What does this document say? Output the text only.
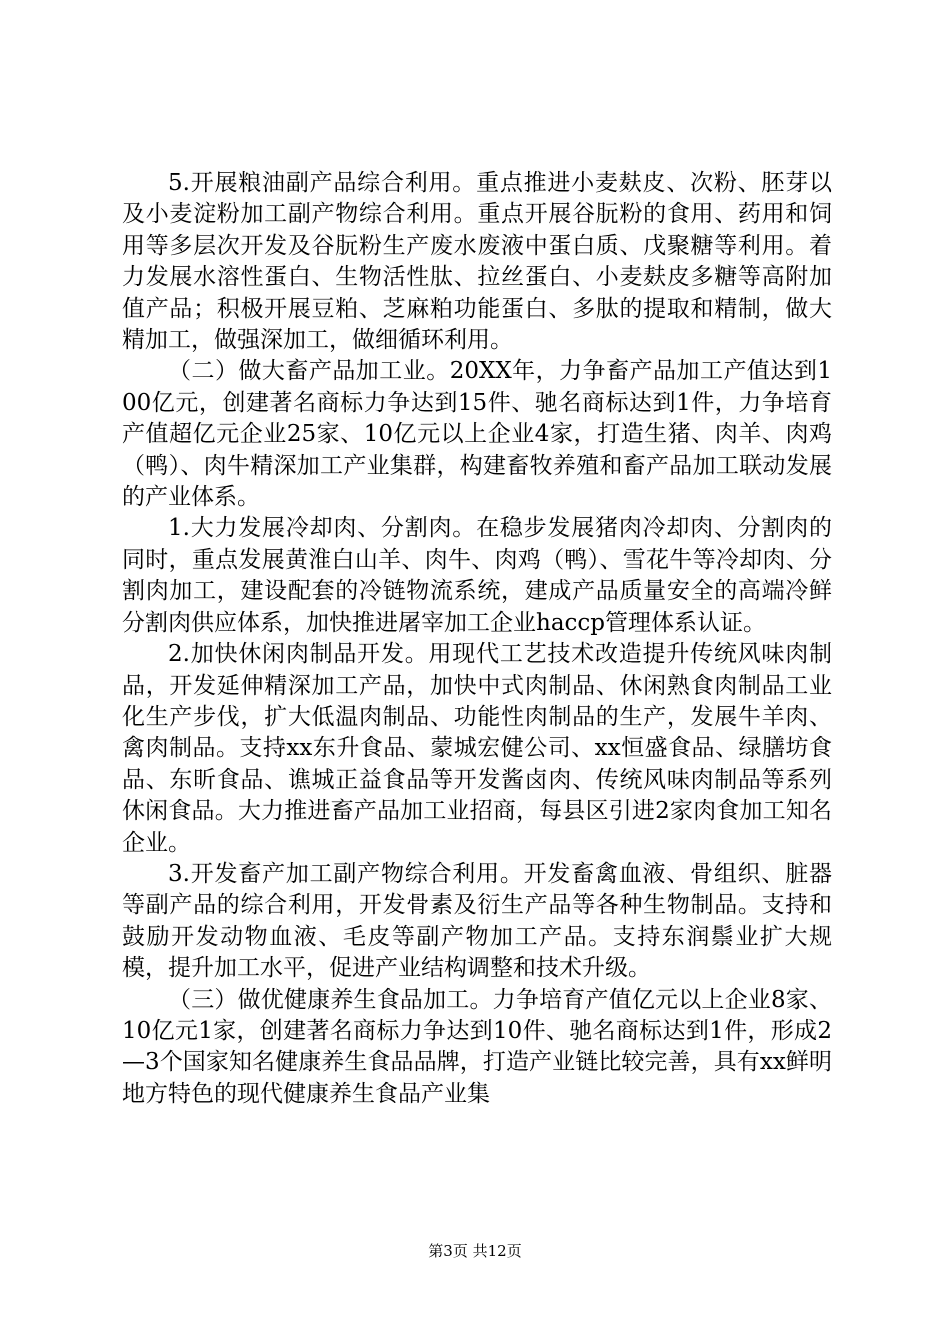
5.开展粮油副产品综合利用。重点推进小麦麸皮、次粉、胚芽以及小麦淀粉加工副产物综合利用。重点开展谷朊粉的食用、药用和饲用等多层次开发及谷朊粉生产废水废液中蛋白质、戊聚糖等利用。着力发展水溶性蛋白、生物活性肽、拉丝蛋白、小麦麸皮多糖等高附加值产品；积极开展豆粕、芝麻粕功能蛋白、多肽的提取和精制，做大精加工，做强深加工，做细循环利用。

（二）做大畜产品加工业。20XX年，力争畜产品加工产值达到100亿元，创建著名商标力争达到15件、驰名商标达到1件，力争培育产值超亿元企业25家、10亿元以上企业4家，打造生猪、肉羊、肉鸡（鸭）、肉牛精深加工产业集群，构建畜牧养殖和畜产品加工联动发展的产业体系。

1.大力发展冷却肉、分割肉。在稳步发展猪肉冷却肉、分割肉的同时，重点发展黄淮白山羊、肉牛、肉鸡（鸭）、雪花牛等冷却肉、分割肉加工，建设配套的冷链物流系统，建成产品质量安全的高端冷鲜分割肉供应体系，加快推进屠宰加工企业haccp管理体系认证。

2.加快休闲肉制品开发。用现代工艺技术改造提升传统风味肉制品，开发延伸精深加工产品，加快中式肉制品、休闲熟食肉制品工业化生产步伐，扩大低温肉制品、功能性肉制品的生产，发展牛羊肉、禽肉制品。支持xx东升食品、蒙城宏健公司、xx恒盛食品、绿膳坊食品、东昕食品、谯城正益食品等开发酱卤肉、传统风味肉制品等系列休闲食品。大力推进畜产品加工业招商，每县区引进2家肉食加工知名企业。

3.开发畜产加工副产物综合利用。开发畜禽血液、骨组织、脏器等副产品的综合利用，开发骨素及衍生产品等各种生物制品。支持和鼓励开发动物血液、毛皮等副产物加工产品。支持东润鬃业扩大规模，提升加工水平，促进产业结构调整和技术升级。

（三）做优健康养生食品加工。力争培育产值亿元以上企业8家、10亿元1家，创建著名商标力争达到10件、驰名商标达到1件，形成2—3个国家知名健康养生食品品牌，打造产业链比较完善，具有xx鲜明地方特色的现代健康养生食品产业集

第3页 共12页
